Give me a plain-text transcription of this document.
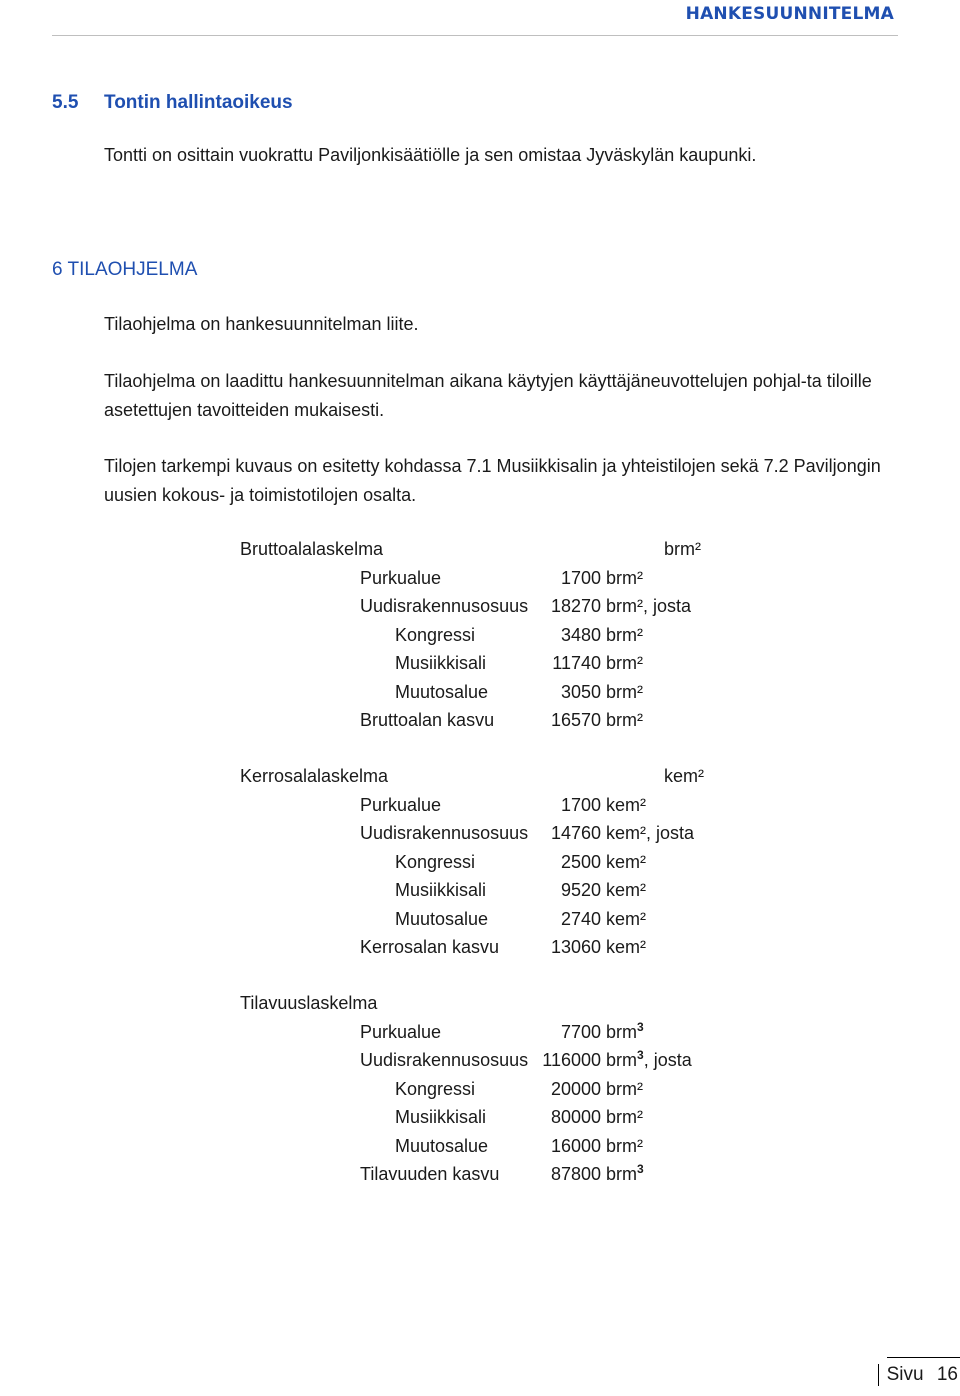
HANKESUUNNITELMA
5.5 Tontin hallintaoikeus
Tontti on osittain vuokrattu Paviljonkisäätiölle ja sen omistaa Jyväskylän kaupunki.
6 TILAOHJELMA
Tilaohjelma on hankesuunnitelman liite.
Tilaohjelma on laadittu hankesuunnitelman aikana käytyjen käyttäjäneuvottelujen pohjal-ta tiloille asetettujen tavoitteiden mukaisesti.
Tilojen tarkempi kuvaus on esitetty kohdassa 7.1 Musiikkisalin ja yhteistilojen sekä 7.2 Paviljongin uusien kokous- ja toimistotilojen osalta.
Bruttoalalaskelma	brm²
Purkualue	1700 brm²
Uudisrakennusosuus	18270 brm², josta
Kongressi	3480 brm²
Musiikkisali	11740 brm²
Muutosalue	3050 brm²
Bruttoalan kasvu	16570 brm²
Kerrosalalaskelma	kem²
Purkualue	1700 kem²
Uudisrakennusosuus	14760 kem², josta
Kongressi	2500 kem²
Musiikkisali	9520 kem²
Muutosalue	2740 kem²
Kerrosalan kasvu	13060 kem²
Tilavuuslaskelma
Purkualue	7700 brm$^3$
Uudisrakennusosuus 116000 brm$^3$, josta
Kongressi	20000 brm²
Musiikkisali	80000 brm²
Muutosalue	16000 brm²
Tilavuuden kasvu	87800 brm$^3$
Sivu 16
